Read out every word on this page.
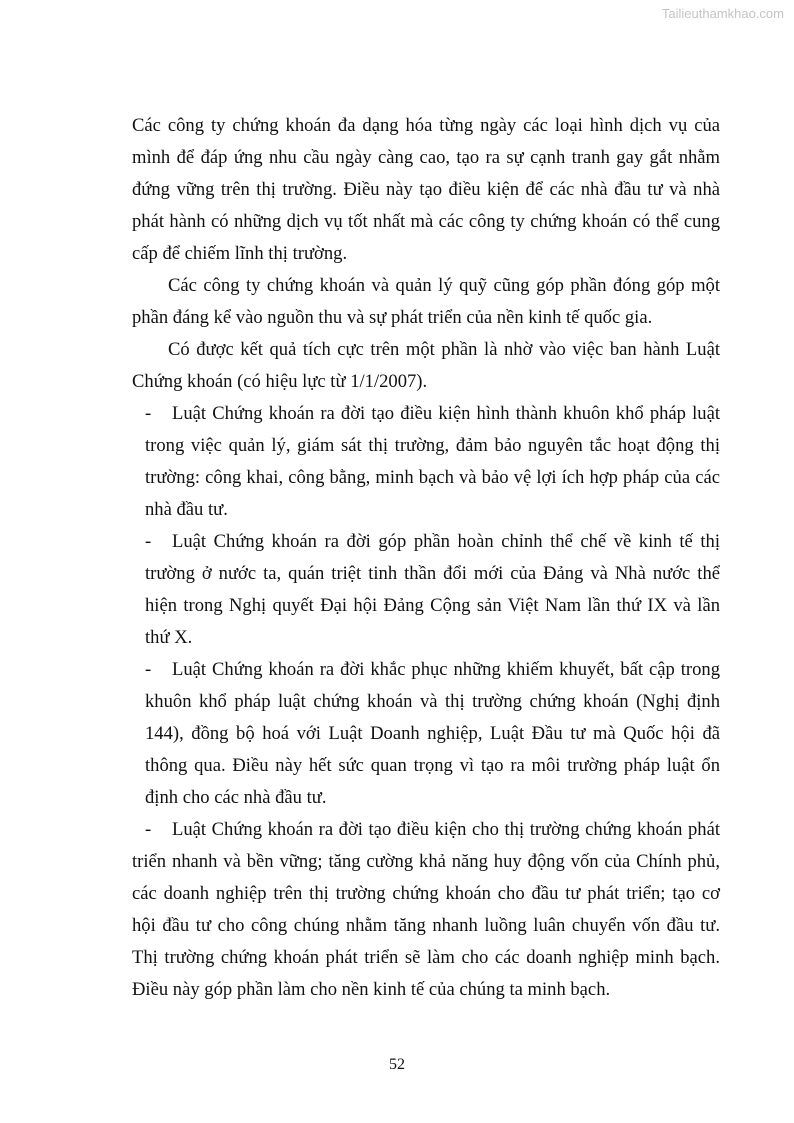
Tailieuthamkhao.com
Các công ty chứng khoán đa dạng hóa từng ngày các loại hình dịch vụ của
mình để đáp ứng nhu cầu ngày càng cao, tạo ra sự cạnh tranh gay gắt nhằm
đứng vững trên thị trường. Điều này tạo điều kiện để các nhà đầu tư và nhà
phát hành có những dịch vụ tốt nhất mà các công ty chứng khoán có thể cung
cấp để chiếm lĩnh thị trường.
Các công ty chứng khoán và quản lý quỹ cũng góp phần đóng góp một
phần đáng kể vào nguồn thu và sự phát triển của nền kinh tế quốc gia.
Có được kết quả tích cực trên một phần là nhờ vào việc ban hành Luật
Chứng khoán (có hiệu lực từ 1/1/2007).
- Luật Chứng khoán ra đời tạo điều kiện hình thành khuôn khổ pháp luật
trong việc quản lý, giám sát thị trường, đảm bảo nguyên tắc hoạt động thị
trường: công khai, công bằng, minh bạch và bảo vệ lợi ích hợp pháp của các
nhà đầu tư.
- Luật Chứng khoán ra đời góp phần hoàn chỉnh thể chế về kinh tế thị
trường ở nước ta, quán triệt tinh thần đổi mới của Đảng và Nhà nước thể
hiện trong Nghị quyết Đại hội Đảng Cộng sản Việt Nam lần thứ IX và lần
thứ X.
- Luật Chứng khoán ra đời khắc phục những khiếm khuyết, bất cập trong
khuôn khổ pháp luật chứng khoán và thị trường chứng khoán (Nghị định
144), đồng bộ hoá với Luật Doanh nghiệp, Luật Đầu tư mà Quốc hội đã
thông qua. Điều này hết sức quan trọng vì tạo ra môi trường pháp luật ổn
định cho các nhà đầu tư.
- Luật Chứng khoán ra đời tạo điều kiện cho thị trường chứng khoán phát
triển nhanh và bền vững; tăng cường khả năng huy động vốn của Chính phủ,
các doanh nghiệp trên thị trường chứng khoán cho đầu tư phát triển; tạo cơ
hội đầu tư cho công chúng nhằm tăng nhanh luồng luân chuyển vốn đầu tư.
Thị trường chứng khoán phát triển sẽ làm cho các doanh nghiệp minh bạch.
Điều này góp phần làm cho nền kinh tế của chúng ta minh bạch.
52
